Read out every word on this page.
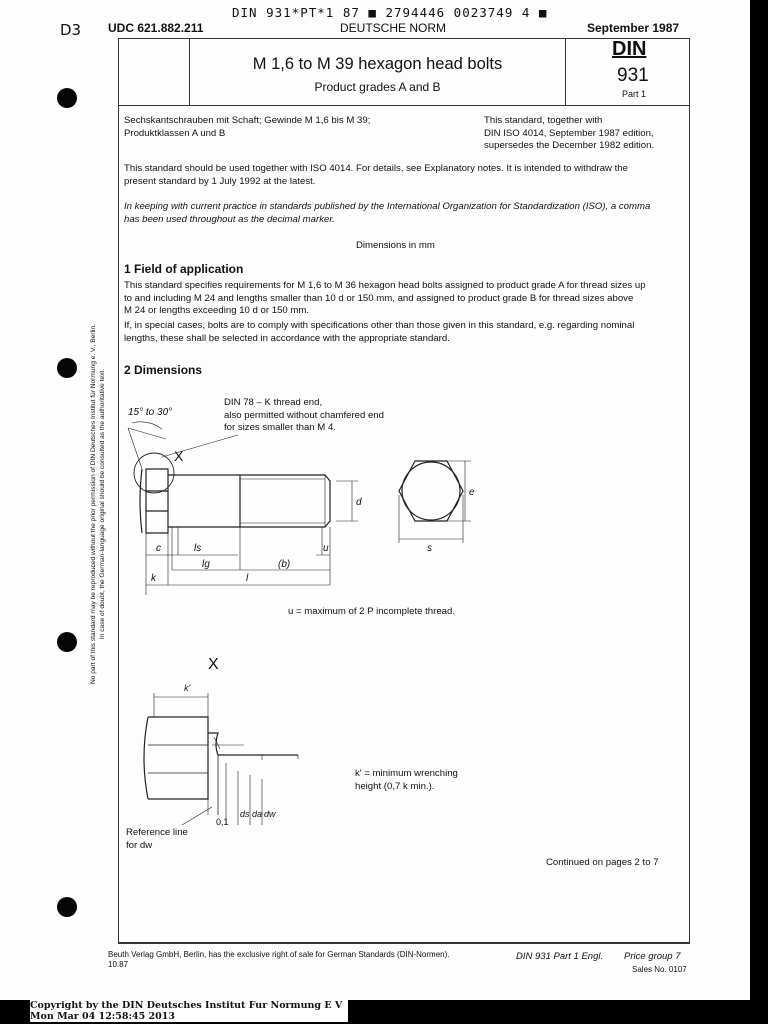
DIN 931*PT*1 87 ■ 2794446 0023749 4 ■
D3 UDC 621.882.211	DEUTSCHE NORM	September 1987
M 1,6 to M 39 hexagon head bolts
Product grades A and B
DIN
931
Part 1
Sechskantschrauben mit Schaft; Gewinde M 1,6 bis M 39;
Produktklassen A und B
This standard, together with
DIN ISO 4014, September 1987 edition,
supersedes the December 1982 edition.
This standard should be used together with ISO 4014. For details, see Explanatory notes. It is intended to withdraw the
present standard by 1 July 1992 at the latest.
In keeping with current practice in standards published by the International Organization for Standardization (ISO), a comma
has been used throughout as the decimal marker.
Dimensions in mm
1 Field of application
This standard specifies requirements for M 1,6 to M 36 hexagon head bolts assigned to product grade A for thread sizes up
to and including M 24 and lengths smaller than 10 d or 150 mm, and assigned to product grade B for thread sizes above
M 24 or lengths exceeding 10 d or 150 mm.
If, in special cases, bolts are to comply with specifications other than those given in this standard, e.g. regarding nominal
lengths, these shall be selected in accordance with the appropriate standard.
2 Dimensions
DIN 78 – K thread end,
also permitted without chamfered end
for sizes smaller than M 4.
15° to 30°
X
d
c	ls	u
lg	(b)
k	l
e
s
u = maximum of 2 P incomplete thread.
X
k'
0,1
ds da dw
k' = minimum wrenching
height (0,7 k min.).
Reference line
for dw
Continued on pages 2 to 7
No part of this standard may be reproduced without the prior permission of DIN Deutsches Institut für Normung e. V., Berlin. In case of doubt, the German-language original should be consulted as the authoritative text.
Beuth Verlag GmbH, Berlin, has the exclusive right of sale for German Standards (DIN-Normen).
10.87
DIN 931 Part 1 Engl. Price group 7
Sales No. 0107
Copyright by the DIN Deutsches Institut Fur Normung E V
Mon Mar 04 12:58:45 2013
